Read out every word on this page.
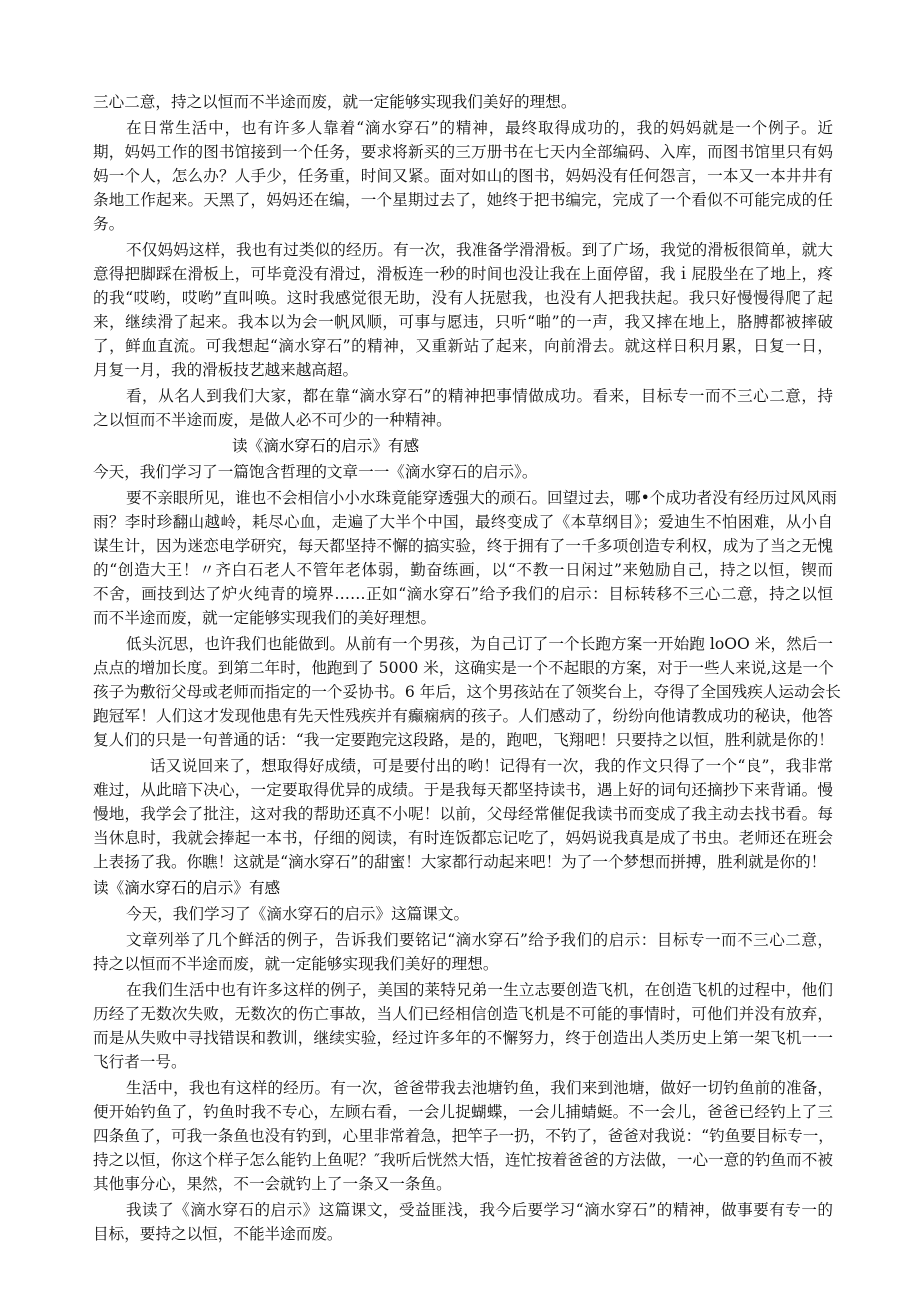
三心二意，持之以恒而不半途而废，就一定能够实现我们美好的理想。
在日常生活中，也有许多人靠着“滴水穿石”的精神，最终取得成功的，我的妈妈就是一个例子。近
期，妈妈工作的图书馆接到一个任务，要求将新买的三万册书在七天内全部编码、入库，而图书馆里只有妈
妈一个人，怎么办？人手少，任务重，时间又紧。面对如山的图书，妈妈没有任何怨言，一本又一本井井有
条地工作起来。天黑了，妈妈还在编，一个星期过去了，她终于把书编完，完成了一个看似不可能完成的任
务。
不仅妈妈这样，我也有过类似的经历。有一次，我准备学滑滑板。到了广场，我觉的滑板很简单，就大
意得把脚踩在滑板上，可毕竟没有滑过，滑板连一秒的时间也没让我在上面停留，我ｉ屁股坐在了地上，疼
的我“哎哟，哎哟”直叫唤。这时我感觉很无助，没有人抚慰我，也没有人把我扶起。我只好慢慢得爬了起
来，继续滑了起来。我本以为会一帆风顺，可事与愿违，只听“啪”的一声，我又摔在地上，胳膊都被摔破
了，鲜血直流。可我想起“滴水穿石”的精神，又重新站了起来，向前滑去。就这样日积月累，日复一日，
月复一月，我的滑板技艺越来越高超。
看，从名人到我们大家，都在靠“滴水穿石”的精神把事情做成功。看来，目标专一而不三心二意，持
之以恒而不半途而废，是做人必不可少的一种精神。
读《滴水穿石的启示》有感
今天，我们学习了一篇饱含哲理的文章一一《滴水穿石的启示》。
要不亲眼所见，谁也不会相信小小水珠竟能穿透强大的顽石。回望过去，哪•个成功者没有经历过风风雨
雨？李时珍翻山越岭，耗尽心血，走遍了大半个中国，最终变成了《本草纲目》；爱迪生不怕困难，从小自
谋生计，因为迷恋电学研究，每天都坚持不懈的搞实验，终于拥有了一千多项创造专利权，成为了当之无愧
的“创造大王！〃齐白石老人不管年老体弱，勤奋练画，以“不教一日闲过”来勉励自己，持之以恒，锲而
不舍，画技到达了炉火纯青的境界……正如“滴水穿石”给予我们的启示：目标转移不三心二意，持之以恒
而不半途而废，就一定能够实现我们的美好理想。
低头沉思，也许我们也能做到。从前有一个男孩，为自己订了一个长跑方案一开始跑 loOO 米，然后一
点点的增加长度。到第二年时，他跑到了 5000 米，这确实是一个不起眼的方案，对于一些人来说,这是一个
孩子为敷衍父母或老师而指定的一个妥协书。6 年后，这个男孩站在了领奖台上，夺得了全国残疾人运动会长
跑冠军！人们这才发现他患有先天性残疾并有癫痫病的孩子。人们感动了，纷纷向他请教成功的秘诀，他答
复人们的只是一句普通的话：“我一定要跑完这段路，是的，跑吧，飞翔吧！只要持之以恒，胜利就是你的！
话又说回来了，想取得好成绩，可是要付出的哟！记得有一次，我的作文只得了一个“良”，我非常
难过，从此暗下决心，一定要取得优异的成绩。于是我每天都坚持读书，遇上好的词句还摘抄下来背诵。慢
慢地，我学会了批注，这对我的帮助还真不小呢！以前，父母经常催促我读书而变成了我主动去找书看。每
当休息时，我就会捧起一本书，仔细的阅读，有时连饭都忘记吃了，妈妈说我真是成了书虫。老师还在班会
上表扬了我。你瞧！这就是“滴水穿石”的甜蜜！大家都行动起来吧！为了一个梦想而拼搏，胜利就是你的！
读《滴水穿石的启示》有感
今天，我们学习了《滴水穿石的启示》这篇课文。
文章列举了几个鲜活的例子，告诉我们要铭记“滴水穿石”给予我们的启示：目标专一而不三心二意，
持之以恒而不半途而废，就一定能够实现我们美好的理想。
在我们生活中也有许多这样的例子，美国的莱特兄弟一生立志要创造飞机，在创造飞机的过程中，他们
历经了无数次失败，无数次的伤亡事故，当人们已经相信创造飞机是不可能的事情时，可他们并没有放弃，
而是从失败中寻找错误和教训，继续实验，经过许多年的不懈努力，终于创造出人类历史上第一架飞机一一
飞行者一号。
生活中，我也有这样的经历。有一次，爸爸带我去池塘钓鱼，我们来到池塘，做好一切钓鱼前的准备，
便开始钓鱼了，钓鱼时我不专心，左顾右看，一会儿捉蝴蝶，一会儿捕蜻蜓。不一会儿，爸爸已经钓上了三
四条鱼了，可我一条鱼也没有钓到，心里非常着急，把竿子一扔，不钓了，爸爸对我说：“钓鱼要目标专一，
持之以恒，你这个样子怎么能钓上鱼呢？″我听后恍然大悟，连忙按着爸爸的方法做，一心一意的钓鱼而不被
其他事分心，果然，不一会就钓上了一条又一条鱼。
我读了《滴水穿石的启示》这篇课文，受益匪浅，我今后要学习“滴水穿石”的精神，做事要有专一的
目标，要持之以恒，不能半途而废。
